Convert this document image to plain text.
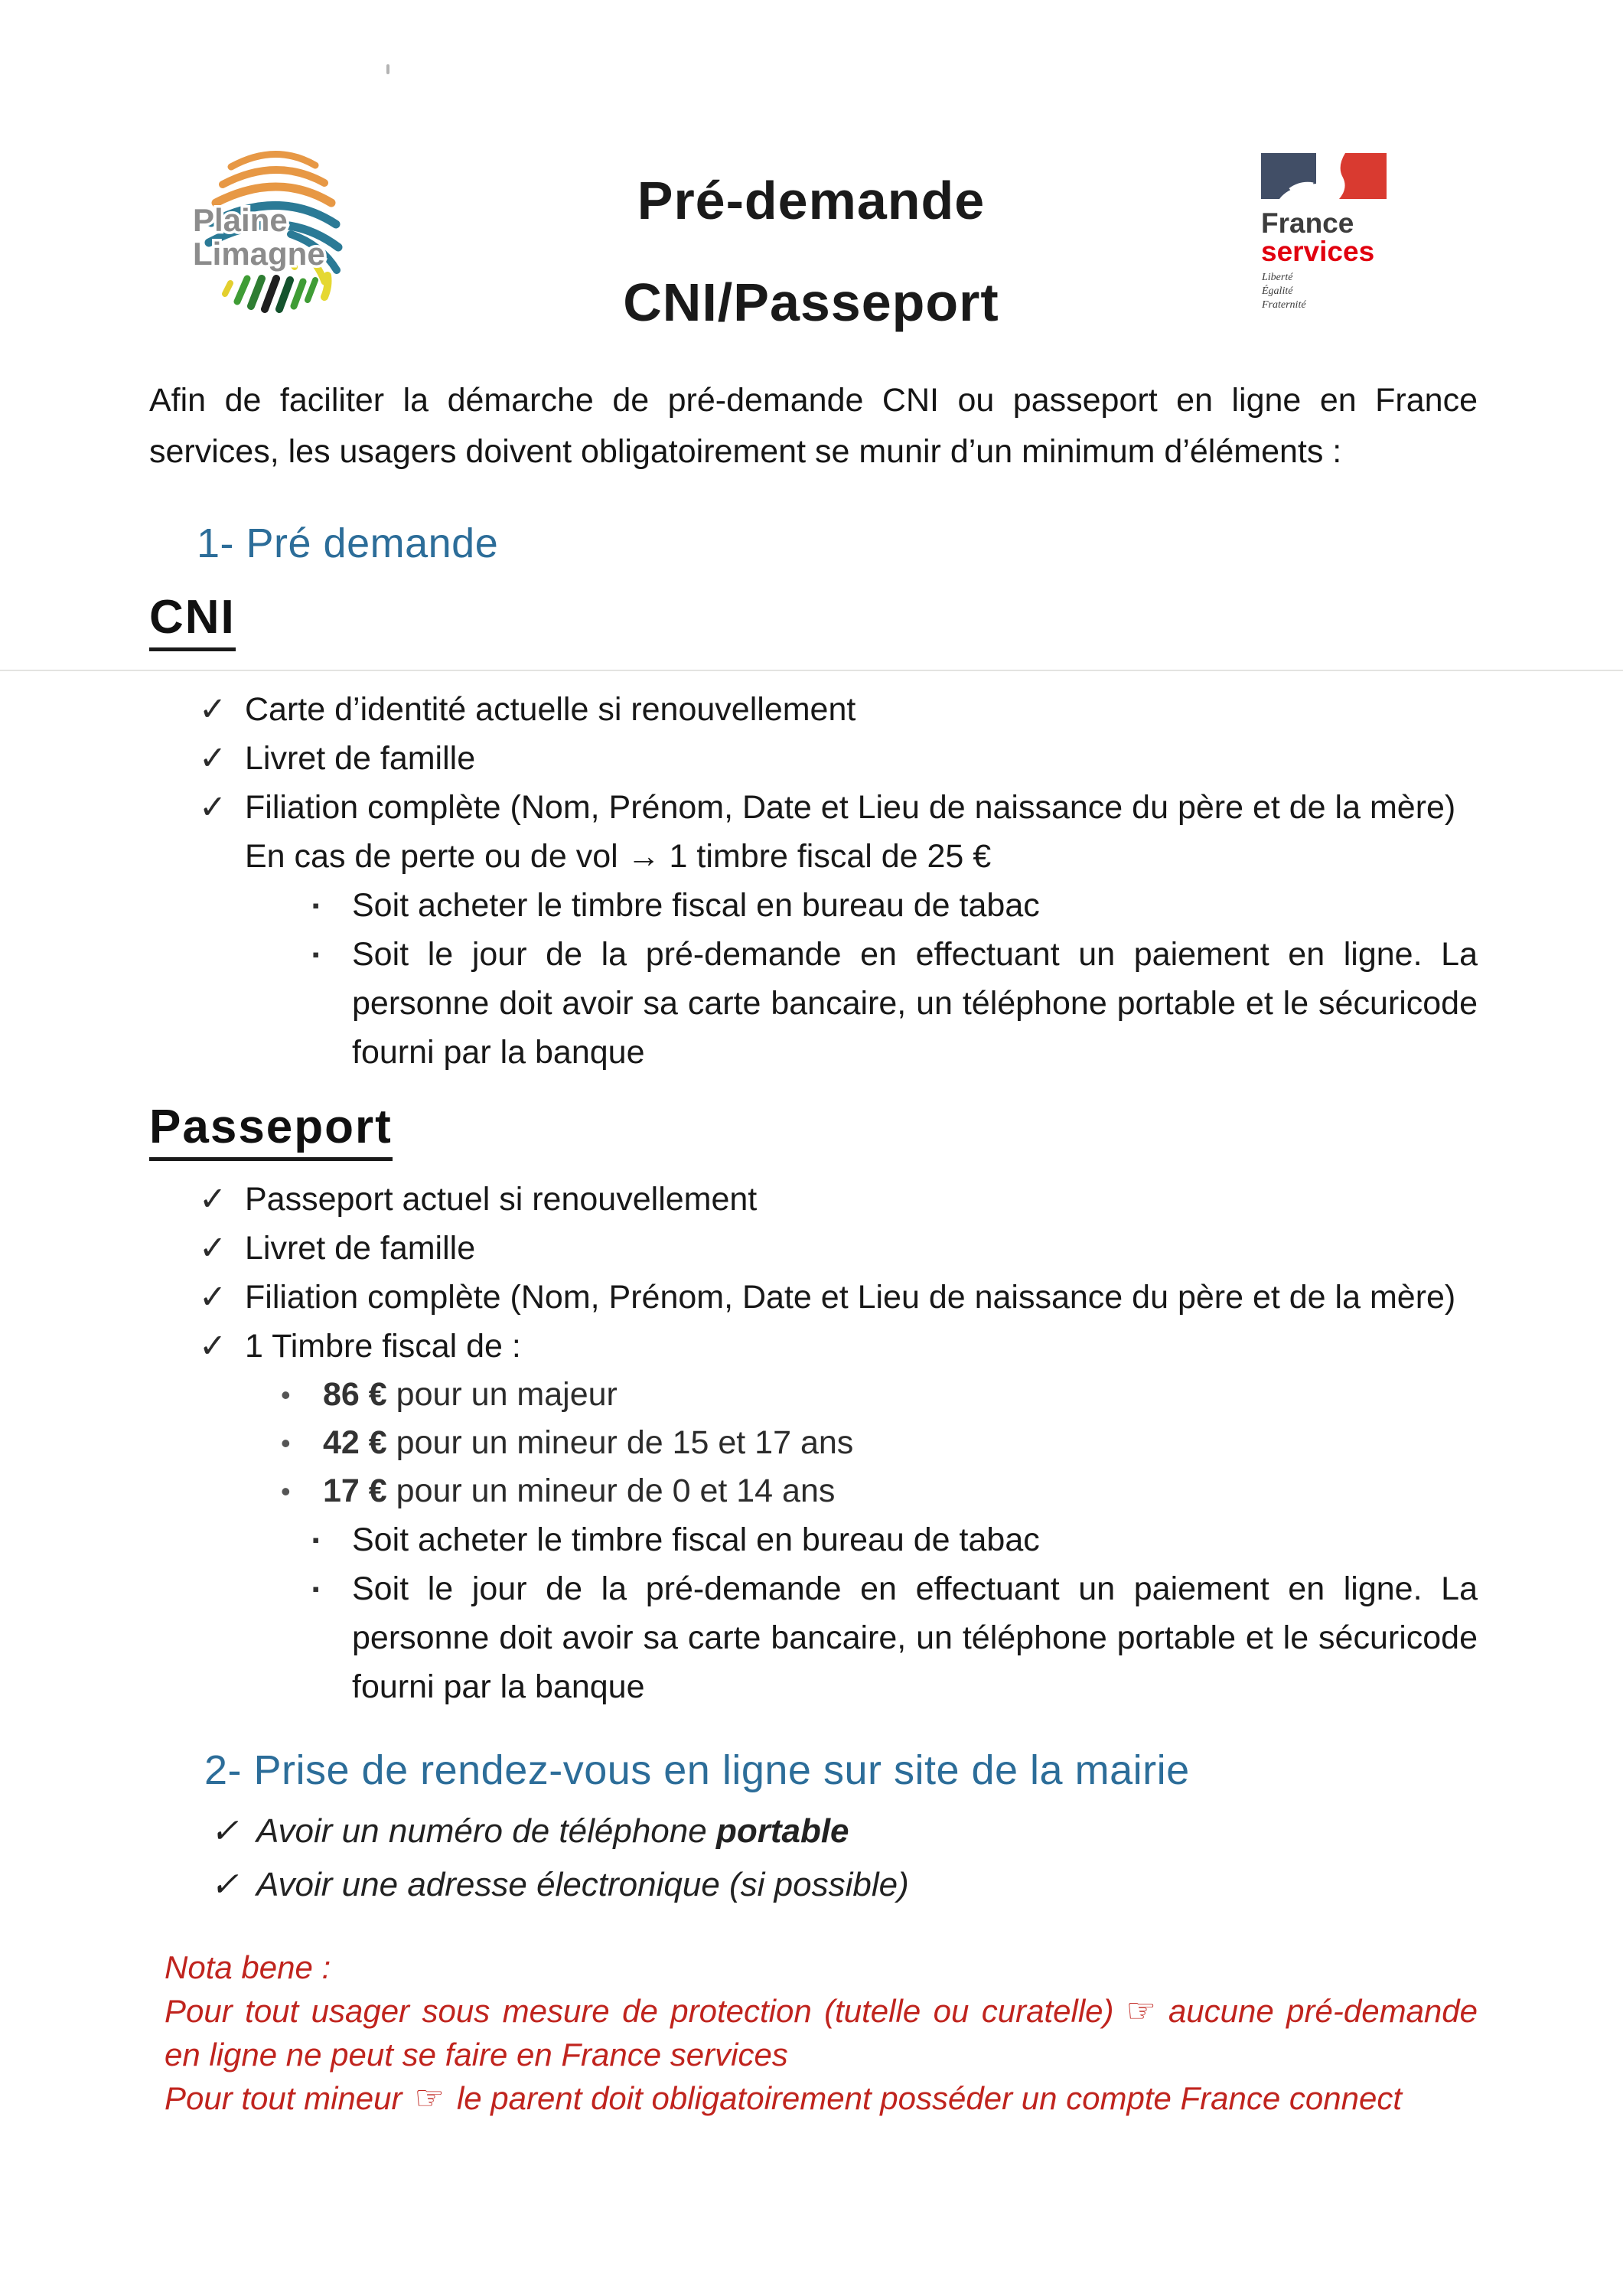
Plaine
Limagne
Pré-demande
CNI/Passeport
France
services
Liberté
Égalité
Fraternité

Afin de faciliter la démarche de pré-demande CNI ou passeport en ligne en France services, les usagers doivent obligatoirement se munir d’un minimum d’éléments :

1- Pré demande
CNI
✓ Carte d’identité actuelle si renouvellement
✓ Livret de famille
✓ Filiation complète (Nom, Prénom, Date et Lieu de naissance du père et de la mère)
En cas de perte ou de vol → 1 timbre fiscal de 25 €
▪ Soit acheter le timbre fiscal en bureau de tabac
▪ Soit le jour de la pré-demande en effectuant un paiement en ligne. La personne doit avoir sa carte bancaire, un téléphone portable et le sécuricode fourni par la banque
Passeport
✓ Passeport actuel si renouvellement
✓ Livret de famille
✓ Filiation complète (Nom, Prénom, Date et Lieu de naissance du père et de la mère)
✓ 1 Timbre fiscal de :
• 86 € pour un majeur
• 42 € pour un mineur de 15 et 17 ans
• 17 € pour un mineur de 0 et 14 ans
▪ Soit acheter le timbre fiscal en bureau de tabac
▪ Soit le jour de la pré-demande en effectuant un paiement en ligne. La personne doit avoir sa carte bancaire, un téléphone portable et le sécuricode fourni par la banque
2- Prise de rendez-vous en ligne sur site de la mairie
✓ Avoir un numéro de téléphone portable
✓ Avoir une adresse électronique (si possible)

Nota bene :

Pour tout usager sous mesure de protection (tutelle ou curatelle) ☞ aucune pré-demande en ligne ne peut se faire en France services

Pour tout mineur ☞ le parent doit obligatoirement posséder un compte France connect
